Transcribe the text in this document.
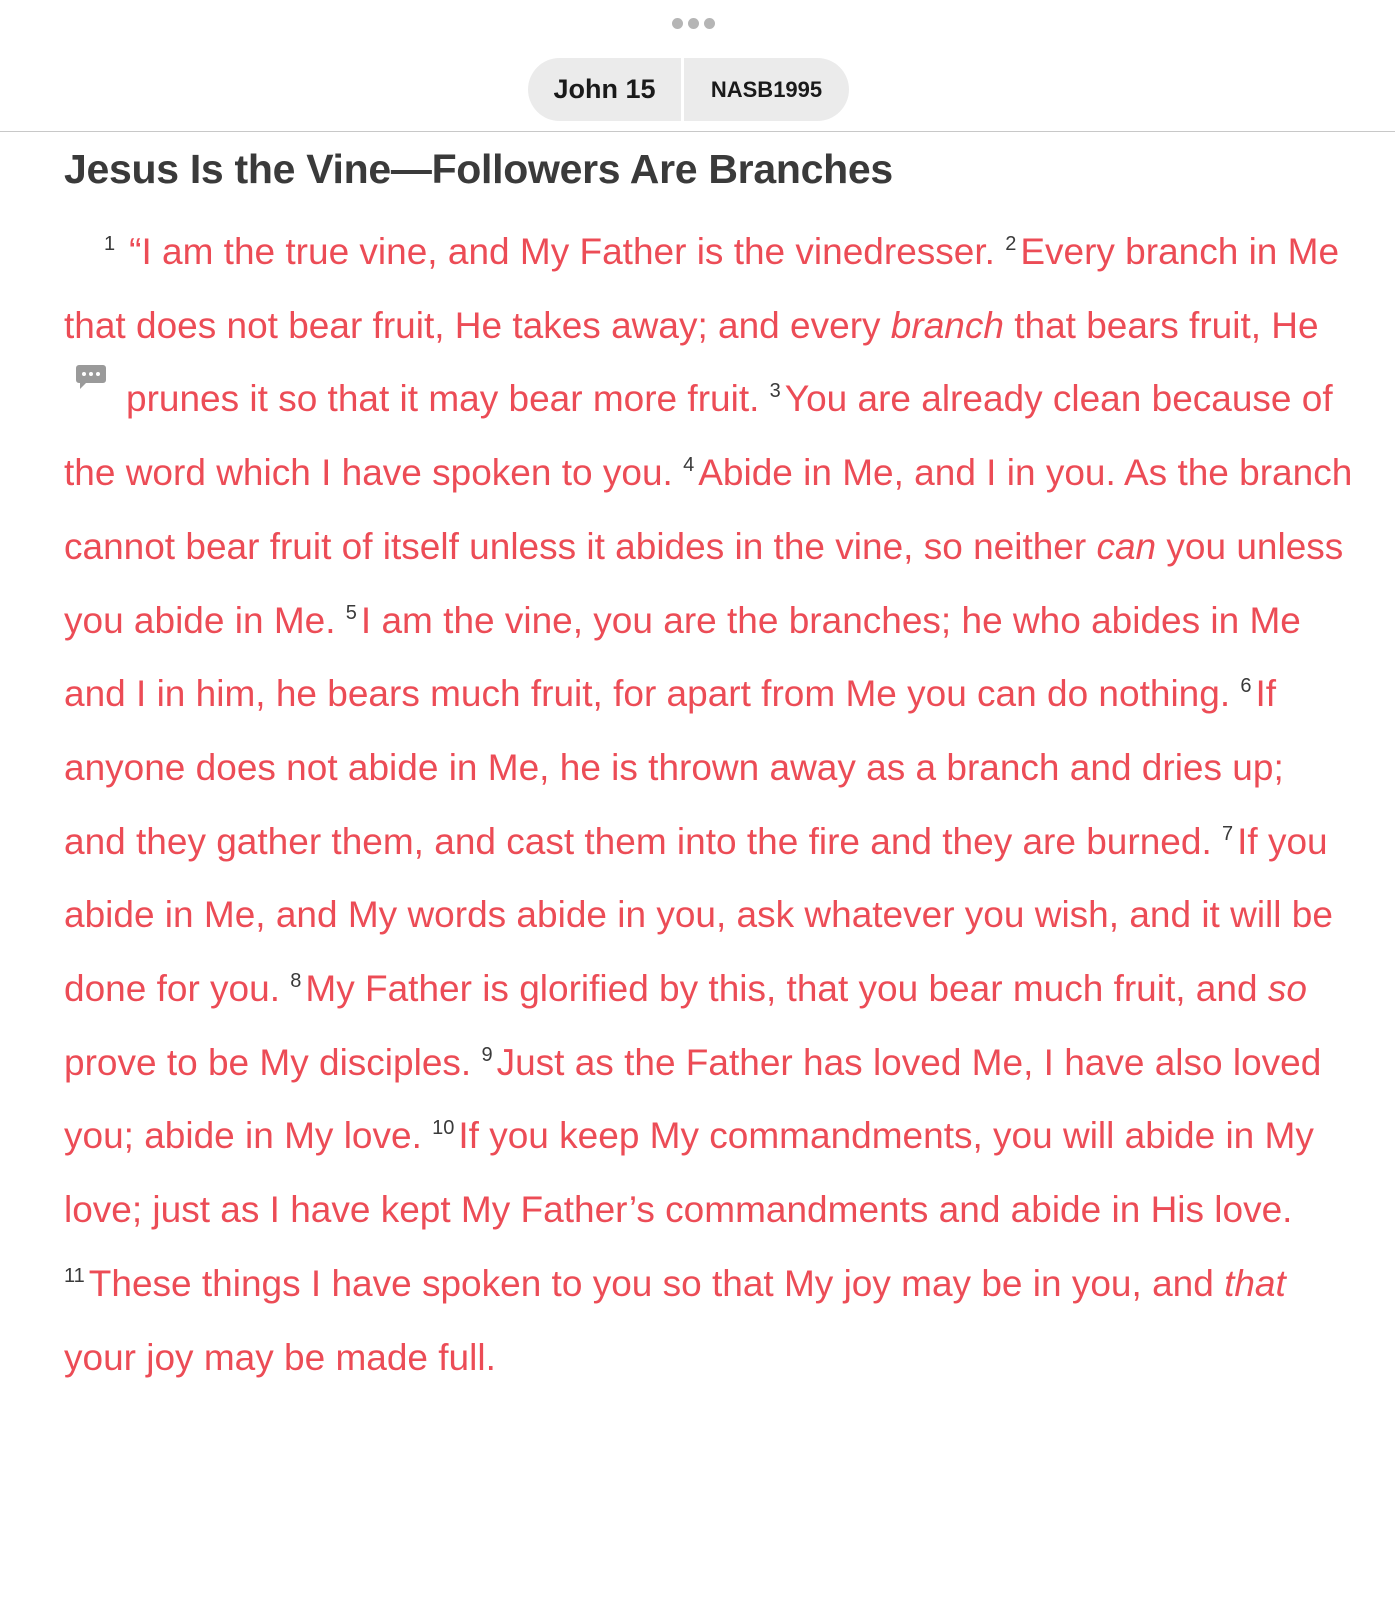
John 15	NASB1995
Jesus Is the Vine—Followers Are Branches

$^1$ “I am the true vine, and My Father is the vinedresser. $^2$ Every branch in Me that does not bear fruit, He takes away; and every branch that bears fruit, He
prunes it so that it may bear more fruit. $^3$ You are already clean because of the word which I have spoken to you. $^4$ Abide in Me, and I in you. As the branch cannot bear fruit of itself unless it abides in the vine, so neither can you unless you abide in Me. $^5$ I am the vine, you are the branches; he who abides in Me and I in him, he bears much fruit, for apart from Me you can do nothing. $^6$ If anyone does not abide in Me, he is thrown away as a branch and dries up; and they gather them, and cast them into the fire and they are burned. $^7$ If you abide in Me, and My words abide in you, ask whatever you wish, and it will be done for you. $^8$ My Father is glorified by this, that you bear much fruit, and so prove to be My disciples. $^9$ Just as the Father has loved Me, I have also loved you; abide in My love. $^{10}$ If you keep My commandments, you will abide in My love; just as I have kept My Father’s commandments and abide in His love. $^{11}$ These things I have spoken to you so that My joy may be in you, and that your joy may be made full.
